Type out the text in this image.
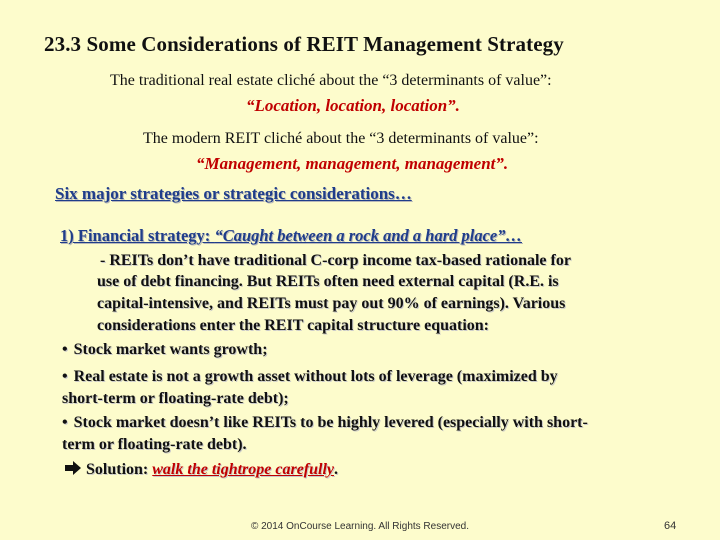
23.3 Some Considerations of REIT Management Strategy
The traditional real estate cliché about the “3 determinants of value”:
“Location, location, location”.
The modern REIT cliché about the “3 determinants of value”:
“Management, management, management”.
Six major strategies or strategic considerations…
1) Financial strategy: “Caught between a rock and a hard place”…
- REITs don’t have traditional C-corp income tax-based rationale for
use of debt financing. But REITs often need external capital (R.E. is
capital-intensive, and REITs must pay out 90% of earnings). Various
considerations enter the REIT capital structure equation:
• Stock market wants growth;
• Real estate is not a growth asset without lots of leverage (maximized by
short-term or floating-rate debt);
• Stock market doesn’t like REITs to be highly levered (especially with short-
term or floating-rate debt).
Solution: walk the tightrope carefully.
© 2014 OnCourse Learning. All Rights Reserved.	64
